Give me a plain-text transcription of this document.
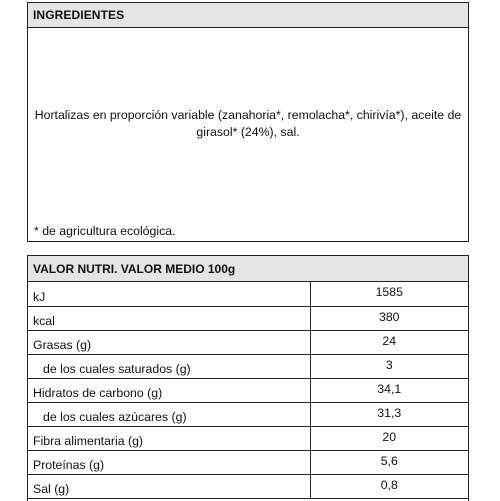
INGREDIENTES
Hortalizas en proporción variable (zanahoria*, remolacha*, chirivía*), aceite de
girasol* (24%), sal.
* de agricultura ecológica.
VALOR NUTRI. VALOR MEDIO 100g
kJ	1585
kcal	380
Grasas (g)	24
de los cuales saturados (g)	3
Hidratos de carbono (g)	34,1
de los cuales azúcares (g)	31,3
Fibra alimentaria (g)	20
Proteínas (g)	5,6
Sal (g)	0,8
